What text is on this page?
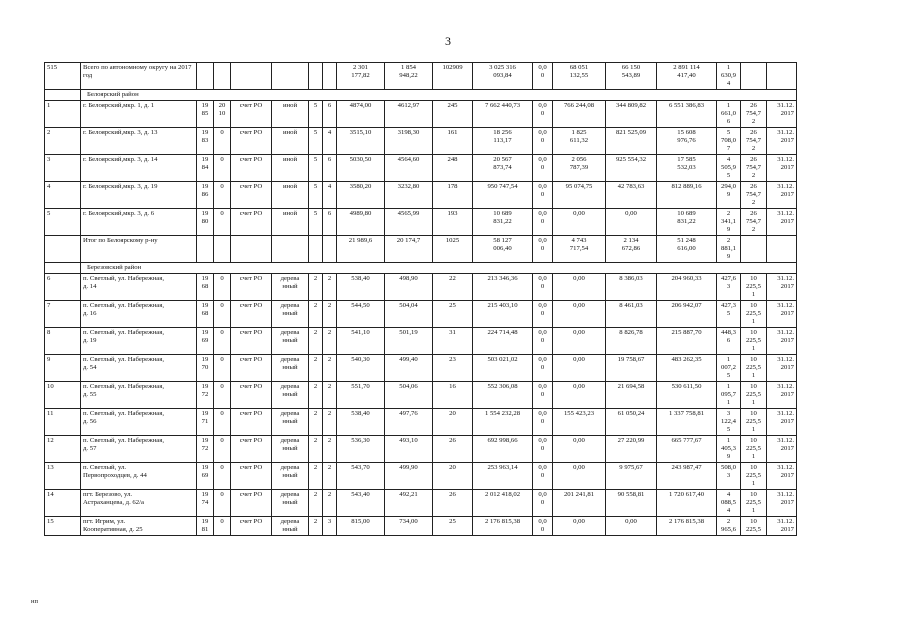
3
515	Всего по автономному округу на 2017
год							2 301
177,82	1 854
948,22	102909	3 025 316
093,84	0,0
0	68 051
132,55	66 150
543,89	2 891 114
417,40	1
630,9
4		
	Белоярский район																	
1	г. Белоярский,мкр. 1, д. 1	19
85	20
10	счет РО	иной	5	6	4874,00	4612,97	245	7 662 440,73	0,0
0	766 244,08	344 809,82	6 551 386,83	1
661,0
6	26
754,7
2	31.12.
2017
2	г. Белоярский,мкр. 3, д. 13	19
83	0	счет РО	иной	5	4	3515,10	3198,30	161	18 256
113,17	0,0
0	1 825
611,32	821 525,09	15 608
976,76	5
708,0
7	26
754,7
2	31.12.
2017
3	г. Белоярский,мкр. 3, д. 14	19
84	0	счет РО	иной	5	6	5030,50	4564,60	248	20 567
873,74	0,0
0	2 056
787,39	925 554,32	17 585
532,03	4
505,9
5	26
754,7
2	31.12.
2017
4	г. Белоярский,мкр. 3, д. 19	19
86	0	счет РО	иной	5	4	3580,20	3232,80	178	950 747,54	0,0
0	95 074,75	42 783,63	812 889,16	294,0
9	26
754,7
2	31.12.
2017
5	г. Белоярский,мкр. 3, д. 6	19
80	0	счет РО	иной	5	6	4989,80	4565,99	193	10 689
831,22	0,0
0	0,00	0,00	10 689
831,22	2
341,1
9	26
754,7
2	31.12.
2017
	Итог по Белоярскому р-ну							21 989,6	20 174,7	1025	58 127
006,40	0,0
0	4 743
717,54	2 134
672,86	51 248
616,00	2
881,1
9		
	Березовский район																	
6	п. Светлый, ул. Набережная,
д. 14	19
68	0	счет РО	дерева
нный	2	2	538,40	498,90	22	213 346,36	0,0
0	0,00	8 386,03	204 960,33	427,6
3	10
225,5
1	31.12.
2017
7	п. Светлый, ул. Набережная,
д. 16	19
68	0	счет РО	дерева
нный	2	2	544,50	504,04	25	215 403,10	0,0
0	0,00	8 461,03	206 942,07	427,3
5	10
225,5
1	31.12.
2017
8	п. Светлый, ул. Набережная,
д. 19	19
69	0	счет РО	дерева
нный	2	2	541,10	501,19	31	224 714,48	0,0
0	0,00	8 826,78	215 887,70	448,3
6	10
225,5
1	31.12.
2017
9	п. Светлый, ул. Набережная,
д. 54	19
70	0	счет РО	дерева
нный	2	2	540,30	499,40	23	503 021,02	0,0
0	0,00	19 758,67	483 262,35	1
007,2
5	10
225,5
1	31.12.
2017
10	п. Светлый, ул. Набережная,
д. 55	19
72	0	счет РО	дерева
нный	2	2	551,70	504,06	16	552 306,08	0,0
0	0,00	21 694,58	530 611,50	1
095,7
1	10
225,5
1	31.12.
2017
11	п. Светлый, ул. Набережная,
д. 56	19
71	0	счет РО	дерева
нный	2	2	538,40	497,76	20	1 554 232,28	0,0
0	155 423,23	61 050,24	1 337 758,81	3
122,4
5	10
225,5
1	31.12.
2017
12	п. Светлый, ул. Набережная,
д. 57	19
72	0	счет РО	дерева
нный	2	2	536,30	493,10	26	692 998,66	0,0
0	0,00	27 220,99	665 777,67	1
405,3
9	10
225,5
1	31.12.
2017
13	п. Светлый, ул.
Первопроходцев, д. 44	19
69	0	счет РО	дерева
нный	2	2	543,70	499,90	20	253 963,14	0,0
0	0,00	9 975,67	243 987,47	508,0
3	10
225,5
1	31.12.
2017
14	пгт. Березово, ул.
Астраханцева, д. 62/а	19
74	0	счет РО	дерева
нный	2	2	543,40	492,21	26	2 012 418,02	0,0
0	201 241,81	90 558,81	1 720 617,40	4
088,5
4	10
225,5
1	31.12.
2017
15	пгт. Игрим, ул.
Кооперативная, д. 25	19
81	0	счет РО	дерева
нный	2	3	815,00	734,00	25	2 176 815,38	0,0
0	0,00	0,00	2 176 815,38	2
965,6	10
225,5	31.12.
2017
нп
